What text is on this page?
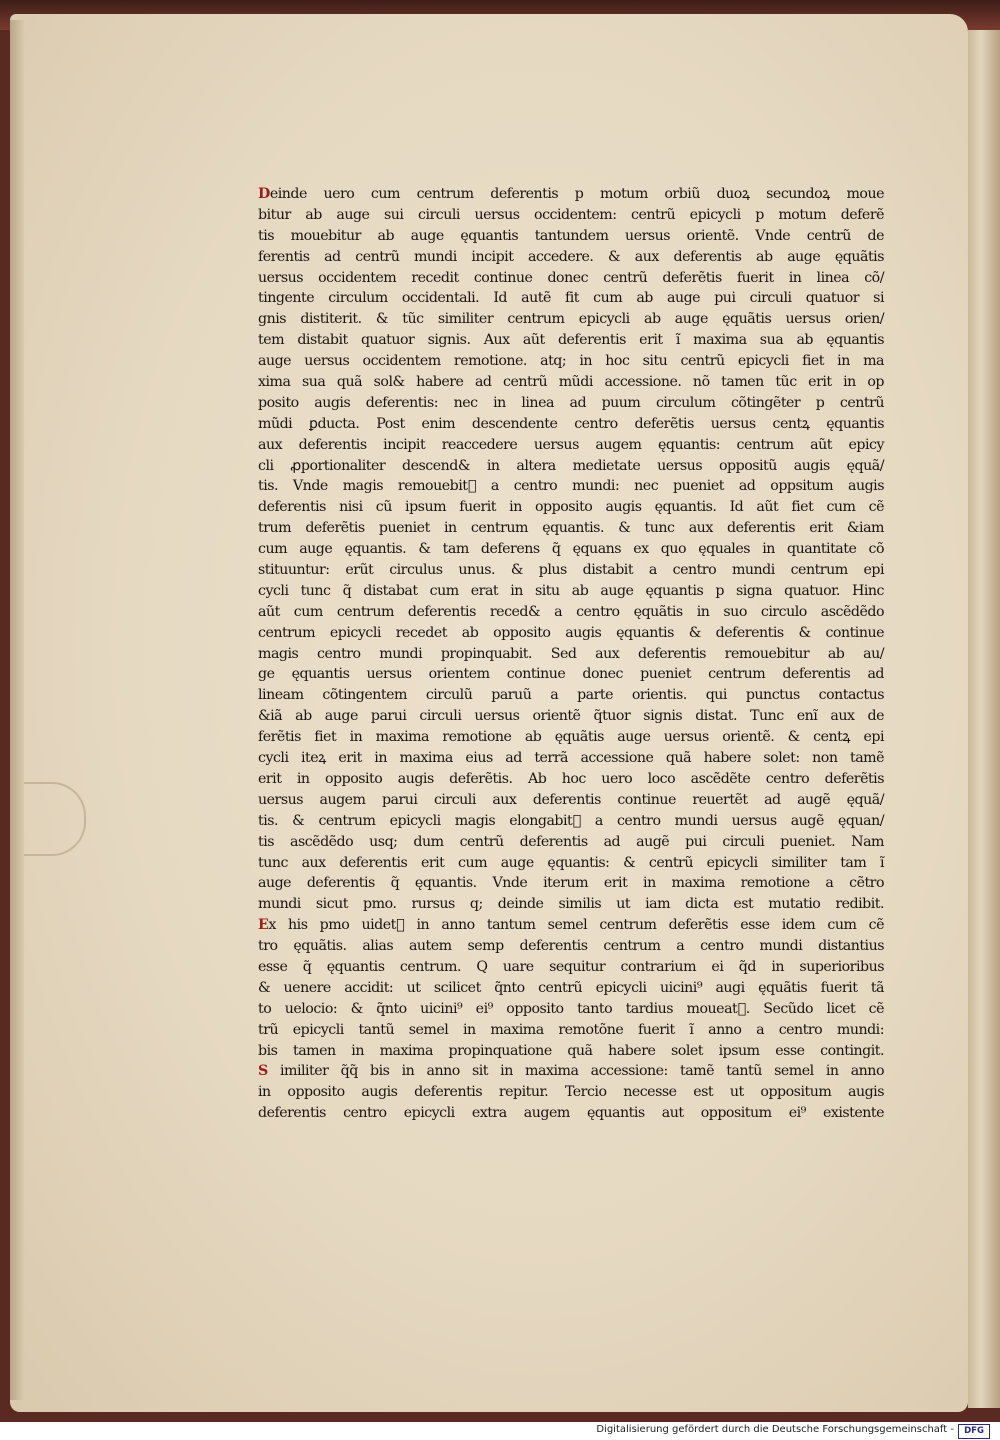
Deinde uero cum centrum deferentis p motum orbiũ duoꝝ secundoꝝ moue
bitur ab auge sui circuli uersus occidentem: centrũ epicycli p motum deferẽ
tis mouebitur ab auge ęquantis tantundem uersus orientẽ. Vnde centrũ de
ferentis ad centrũ mundi incipit accedere. & aux deferentis ab auge ęquãtis
uersus occidentem recedit continue donec centrũ deferẽtis fuerit in linea cõ/
tingente circulum occidentali. Id autẽ fit cum ab auge pui circuli quatuor si
gnis distiterit. & tũc similiter centrum epicycli ab auge ęquãtis uersus orien/
tem distabit quatuor signis. Aux aũt deferentis erit ĩ maxima sua ab ęquantis
auge uersus occidentem remotione. atq; in hoc situ centrũ epicycli fiet in ma
xima sua quã sol& habere ad centrũ mũdi accessione. nõ tamen tũc erit in op
posito augis deferentis: nec in linea ad puum circulum cõtingẽter p centrũ
mũdi ꝑducta. Post enim descendente centro deferẽtis uersus centꝝ ęquantis
aux deferentis incipit reaccedere uersus augem ęquantis: centrum aũt epicy
cli ꝓportionaliter descend& in altera medietate uersus oppositũ augis ęquã/
tis. Vnde magis remouebitᷣ a centro mundi: nec pueniet ad oppsitum augis
deferentis nisi cũ ipsum fuerit in opposito augis ęquantis. Id aũt fiet cum cẽ
trum deferẽtis pueniet in centrum ęquantis. & tunc aux deferentis erit &iam
cum auge ęquantis. & tam deferens q̃ ęquans ex quo ęquales in quantitate cõ
stituuntur: erũt circulus unus. & plus distabit a centro mundi centrum epi
cycli tunc q̃ distabat cum erat in situ ab auge ęquantis p signa quatuor. Hinc
aũt cum centrum deferentis reced& a centro ęquãtis in suo circulo ascẽdẽdo
centrum epicycli recedet ab opposito augis ęquantis & deferentis & continue
magis centro mundi propinquabit. Sed aux deferentis remouebitur ab au/
ge ęquantis uersus orientem continue donec pueniet centrum deferentis ad
lineam cõtingentem circulũ paruũ a parte orientis. qui punctus contactus
&iã ab auge parui circuli uersus orientẽ q̃tuor signis distat. Tunc enĩ aux de
ferẽtis fiet in maxima remotione ab ęquãtis auge uersus orientẽ. & centꝝ epi
cycli iteꝝ erit in maxima eius ad terrã accessione quã habere solet: non tamẽ
erit in opposito augis deferẽtis. Ab hoc uero loco ascẽdẽte centro deferẽtis
uersus augem parui circuli aux deferentis continue reuertẽt ad augẽ ęquã/
tis. & centrum epicycli magis elongabitᷣ a centro mundi uersus augẽ ęquan/
tis ascẽdẽdo usq; dum centrũ deferentis ad augẽ pui circuli pueniet. Nam
tunc aux deferentis erit cum auge ęquantis: & centrũ epicycli similiter tam ĩ
auge deferentis q̃ ęquantis. Vnde iterum erit in maxima remotione a cẽtro
mundi sicut pmo. rursus q; deinde similis ut iam dicta est mutatio redibit.
Ex his pmo uidetᷣ in anno tantum semel centrum deferẽtis esse idem cum cẽ
tro ęquãtis. alias autem semp deferentis centrum a centro mundi distantius
esse q̃ ęquantis centrum. Q uare sequitur contrarium ei q̃d in superioribus
& uenere accidit: ut scilicet q̃nto centrũ epicycli uicini⁹ augi ęquãtis fuerit tã
to uelocio: & q̃nto uicini⁹ ei⁹ opposito tanto tardius moueatᷣ. Secũdo licet cẽ
trũ epicycli tantũ semel in maxima remotõne fuerit ĩ anno a centro mundi:
bis tamen in maxima propinquatione quã habere solet ipsum esse contingit.
S imiliter q̃q̃ bis in anno sit in maxima accessione: tamẽ tantũ semel in anno
in opposito augis deferentis repitur. Tercio necesse est ut oppositum augis
deferentis centro epicycli extra augem ęquantis aut oppositum ei⁹ existente
Digitalisierung gefördert durch die Deutsche Forschungsgemeinschaft -	DFG
